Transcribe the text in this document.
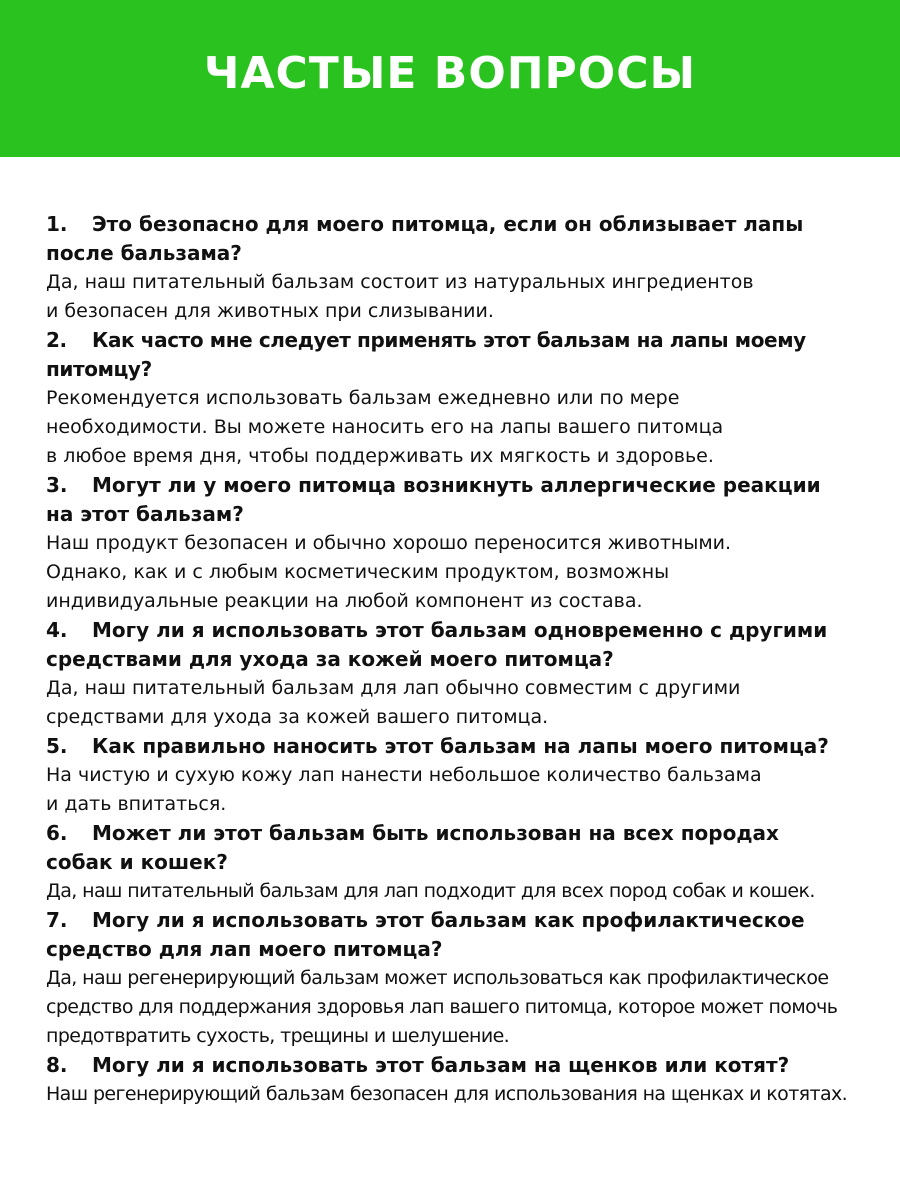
ЧАСТЫЕ ВОПРОСЫ
1. Это безопасно для моего питомца, если он облизывает лапы
после бальзама?
Да, наш питательный бальзам состоит из натуральных ингредиентов
и безопасен для животных при слизывании.
2. Как часто мне следует применять этот бальзам на лапы моему питомцу?
Рекомендуется использовать бальзам ежедневно или по мере
необходимости. Вы можете наносить его на лапы вашего питомца
в любое время дня, чтобы поддерживать их мягкость и здоровье.
3. Могут ли у моего питомца возникнуть аллергические реакции
на этот бальзам?
Наш продукт безопасен и обычно хорошо переносится животными.
Однако, как и с любым косметическим продуктом, возможны
индивидуальные реакции на любой компонент из состава.
4. Могу ли я использовать этот бальзам одновременно с другими
средствами для ухода за кожей моего питомца?
Да, наш питательный бальзам для лап обычно совместим с другими
средствами для ухода за кожей вашего питомца.
5. Как правильно наносить этот бальзам на лапы моего питомца?
На чистую и сухую кожу лап нанести небольшое количество бальзама
и дать впитаться.
6. Может ли этот бальзам быть использован на всех породах
собак и кошек?
Да, наш питательный бальзам для лап подходит для всех пород собак и кошек.
7. Могу ли я использовать этот бальзам как профилактическое
средство для лап моего питомца?
Да, наш регенерирующий бальзам может использоваться как профилактическое
средство для поддержания здоровья лап вашего питомца, которое может помочь
предотвратить сухость, трещины и шелушение.
8. Могу ли я использовать этот бальзам на щенков или котят?
Наш регенерирующий бальзам безопасен для использования на щенках и котятах.
